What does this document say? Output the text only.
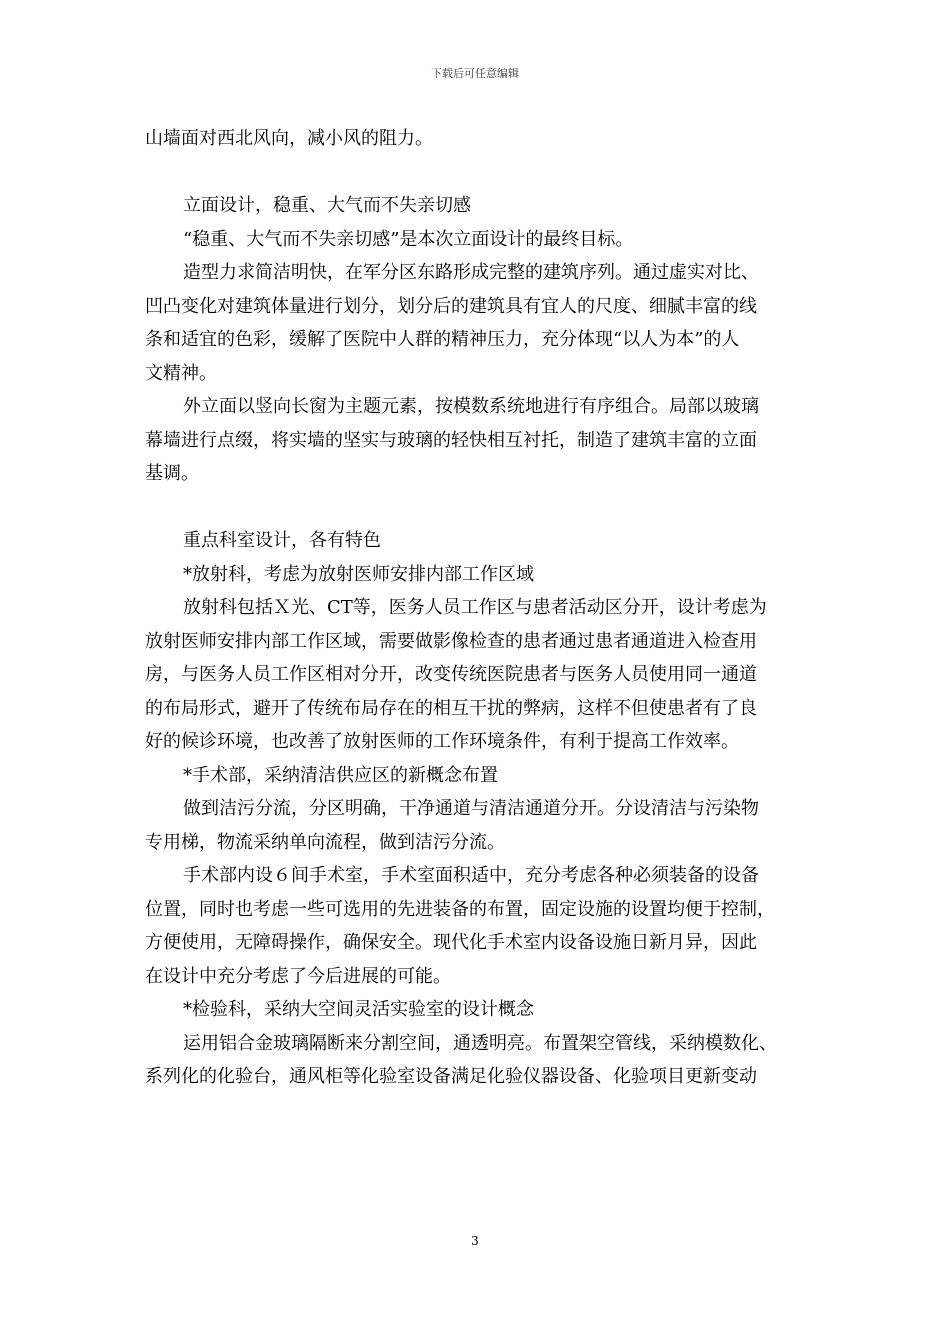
下载后可任意编辑
山墙面对西北风向，减小风的阻力。
立面设计，稳重、大气而不失亲切感
“稳重、大气而不失亲切感”是本次立面设计的最终目标。
造型力求简洁明快，在军分区东路形成完整的建筑序列。通过虚实对比、
凹凸变化对建筑体量进行划分，划分后的建筑具有宜人的尺度、细腻丰富的线
条和适宜的色彩，缓解了医院中人群的精神压力，充分体现“以人为本”的人
文精神。
外立面以竖向长窗为主题元素，按模数系统地进行有序组合。局部以玻璃
幕墙进行点缀，将实墙的坚实与玻璃的轻快相互衬托，制造了建筑丰富的立面
基调。
重点科室设计，各有特色
*放射科，考虑为放射医师安排内部工作区域
放射科包括Ｘ光、CT等，医务人员工作区与患者活动区分开，设计考虑为
放射医师安排内部工作区域，需要做影像检查的患者通过患者通道进入检查用
房，与医务人员工作区相对分开，改变传统医院患者与医务人员使用同一通道
的布局形式，避开了传统布局存在的相互干扰的弊病，这样不但使患者有了良
好的候诊环境，也改善了放射医师的工作环境条件，有利于提高工作效率。
*手术部，采纳清洁供应区的新概念布置
做到洁污分流，分区明确，干净通道与清洁通道分开。分设清洁与污染物
专用梯，物流采纳单向流程，做到洁污分流。
手术部内设６间手术室，手术室面积适中，充分考虑各种必须装备的设备
位置，同时也考虑一些可选用的先进装备的布置，固定设施的设置均便于控制，
方便使用，无障碍操作，确保安全。现代化手术室内设备设施日新月异，因此
在设计中充分考虑了今后进展的可能。
*检验科，采纳大空间灵活实验室的设计概念
运用铝合金玻璃隔断来分割空间，通透明亮。布置架空管线，采纳模数化、
系列化的化验台，通风柜等化验室设备满足化验仪器设备、化验项目更新变动
3
